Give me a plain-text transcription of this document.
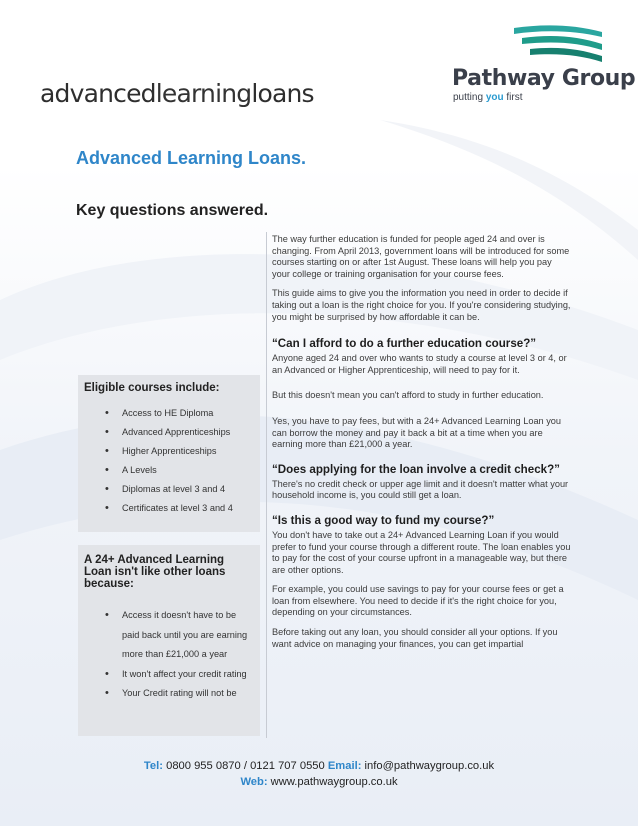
advancedlearningloans
Pathway Group
putting you first
Advanced Learning Loans.
Key questions answered.

The way further education is funded for people aged 24 and over is changing. From April 2013, government loans will be introduced for some courses starting on or after 1st August. These loans will help you pay your college or training organisation for your course fees.

This guide aims to give you the information you need in order to decide if taking out a loan is the right choice for you. If you're considering studying, you might be surprised by how affordable it can be.

“Can I afford to do a further education course?”

Anyone aged 24 and over who wants to study a course at level 3 or 4, or an Advanced or Higher Apprenticeship, will need to pay for it.

But this doesn't mean you can't afford to study in further education.

Yes, you have to pay fees, but with a 24+ Advanced Learning Loan you can borrow the money and pay it back a bit at a time when you are earning more than £21,000 a year.

“Does applying for the loan involve a credit check?”

There's no credit check or upper age limit and it doesn't matter what your household income is, you could still get a loan.

“Is this a good way to fund my course?”

You don't have to take out a 24+ Advanced Learning Loan if you would prefer to fund your course through a different route. The loan enables you to pay for the cost of your course upfront in a manageable way, but there are other options.

For example, you could use savings to pay for your course fees or get a loan from elsewhere. You need to decide if it's the right choice for you, depending on your circumstances.

Before taking out any loan, you should consider all your options. If you want advice on managing your finances, you can get impartial

Eligible courses include:
• Access to HE Diploma
• Advanced Apprenticeships
• Higher Apprenticeships
• A Levels
• Diplomas at level 3 and 4
• Certificates at level 3 and 4
A 24+ Advanced Learning Loan isn't like other loans because:
• Access it doesn't have to be paid back until you are earning more than £21,000 a year
• It won't affect your credit rating
• Your Credit rating will not be
Tel: 0800 955 0870 / 0121 707 0550 Email: info@pathwaygroup.co.uk
Web: www.pathwaygroup.co.uk
